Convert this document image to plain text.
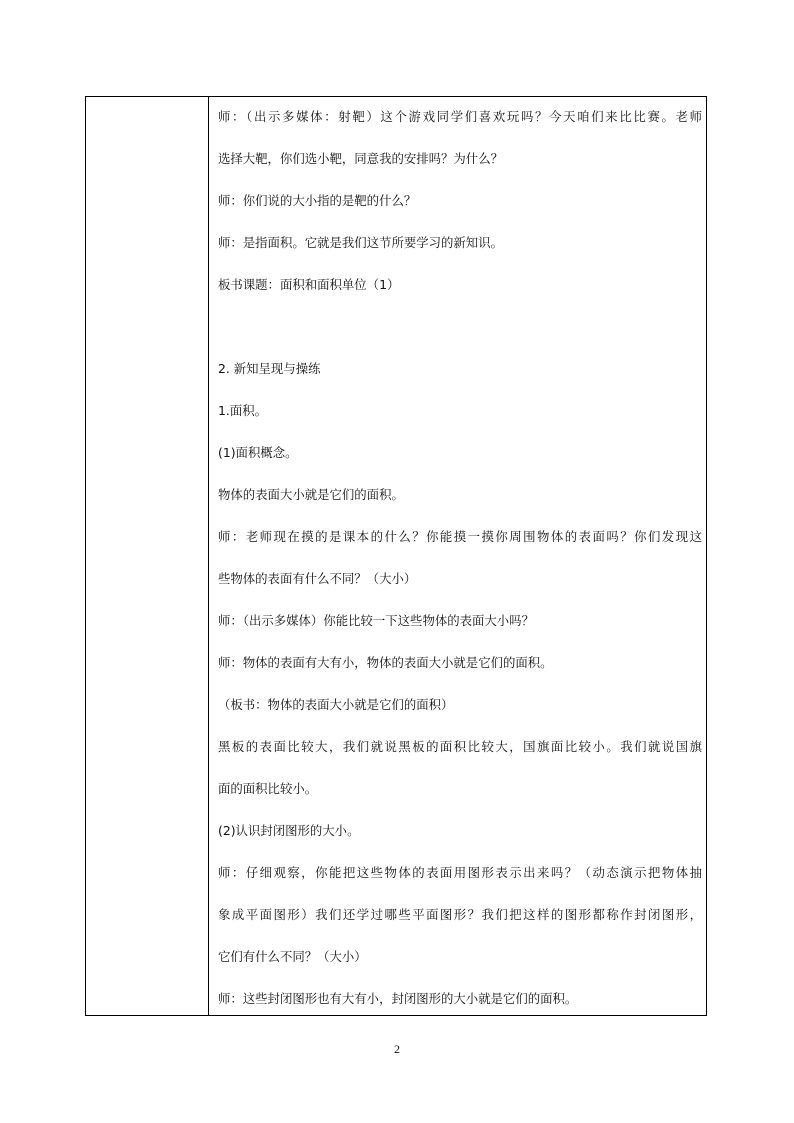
师：（出示多媒体：射靶）这个游戏同学们喜欢玩吗？今天咱们来比比赛。老师
选择大靶，你们选小靶，同意我的安排吗？为什么？
师：你们说的大小指的是靶的什么？
师：是指面积。它就是我们这节所要学习的新知识。
板书课题：面积和面积单位（1）
2. 新知呈现与操练
1.面积。
(1)面积概念。
物体的表面大小就是它们的面积。
师：老师现在摸的是课本的什么？你能摸一摸你周围物体的表面吗？你们发现这
些物体的表面有什么不同？（大小）
师：（出示多媒体）你能比较一下这些物体的表面大小吗？
师：物体的表面有大有小，物体的表面大小就是它们的面积。
（板书：物体的表面大小就是它们的面积）
黑板的表面比较大，我们就说黑板的面积比较大，国旗面比较小。我们就说国旗
面的面积比较小。
(2)认识封闭图形的大小。
师：仔细观察，你能把这些物体的表面用图形表示出来吗？（动态演示把物体抽
象成平面图形）我们还学过哪些平面图形？我们把这样的图形都称作封闭图形，
它们有什么不同？（大小）
师：这些封闭图形也有大有小，封闭图形的大小就是它们的面积。
2
